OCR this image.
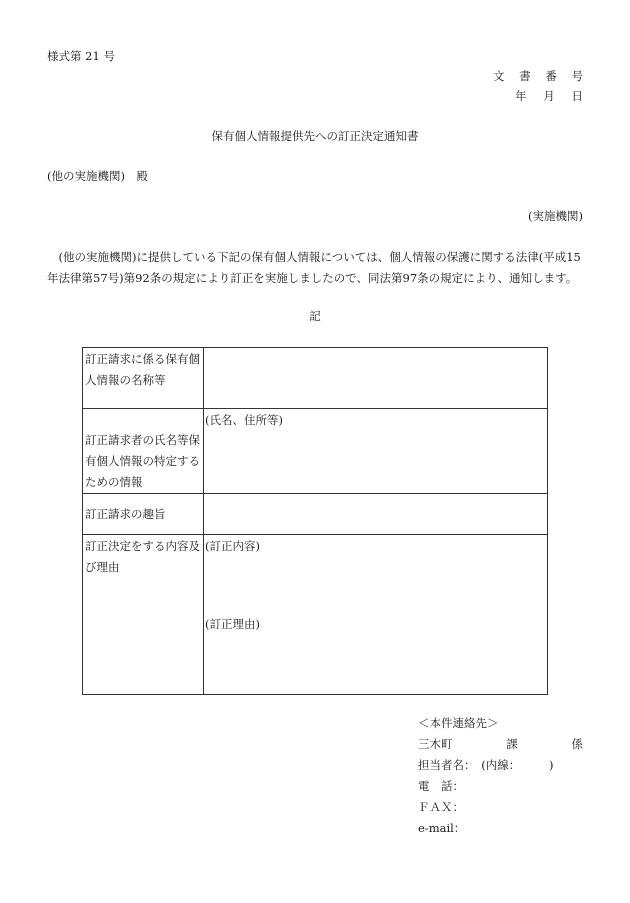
様式第 21 号
文 書 番 号
年 月 日
保有個人情報提供先への訂正決定通知書
(他の実施機関)　殿
(実施機関)
(他の実施機関)に提供している下記の保有個人情報については、個人情報の保護に関する法律(平成15年法律第57号)第92条の規定により訂正を実施しましたので、同法第97条の規定により、通知します。
記
訂正請求に係る保有個人情報の名称等	
訂正請求者の氏名等保有個人情報の特定するための情報	(氏名、住所等)
訂正請求の趣旨	
訂正決定をする内容及び理由	(訂正内容)
(訂正理由)
＜本件連絡先＞
三木町	課	係
担当者名：　(内線：　　　)
電　話：
ＦＡＸ：
e-mail：
